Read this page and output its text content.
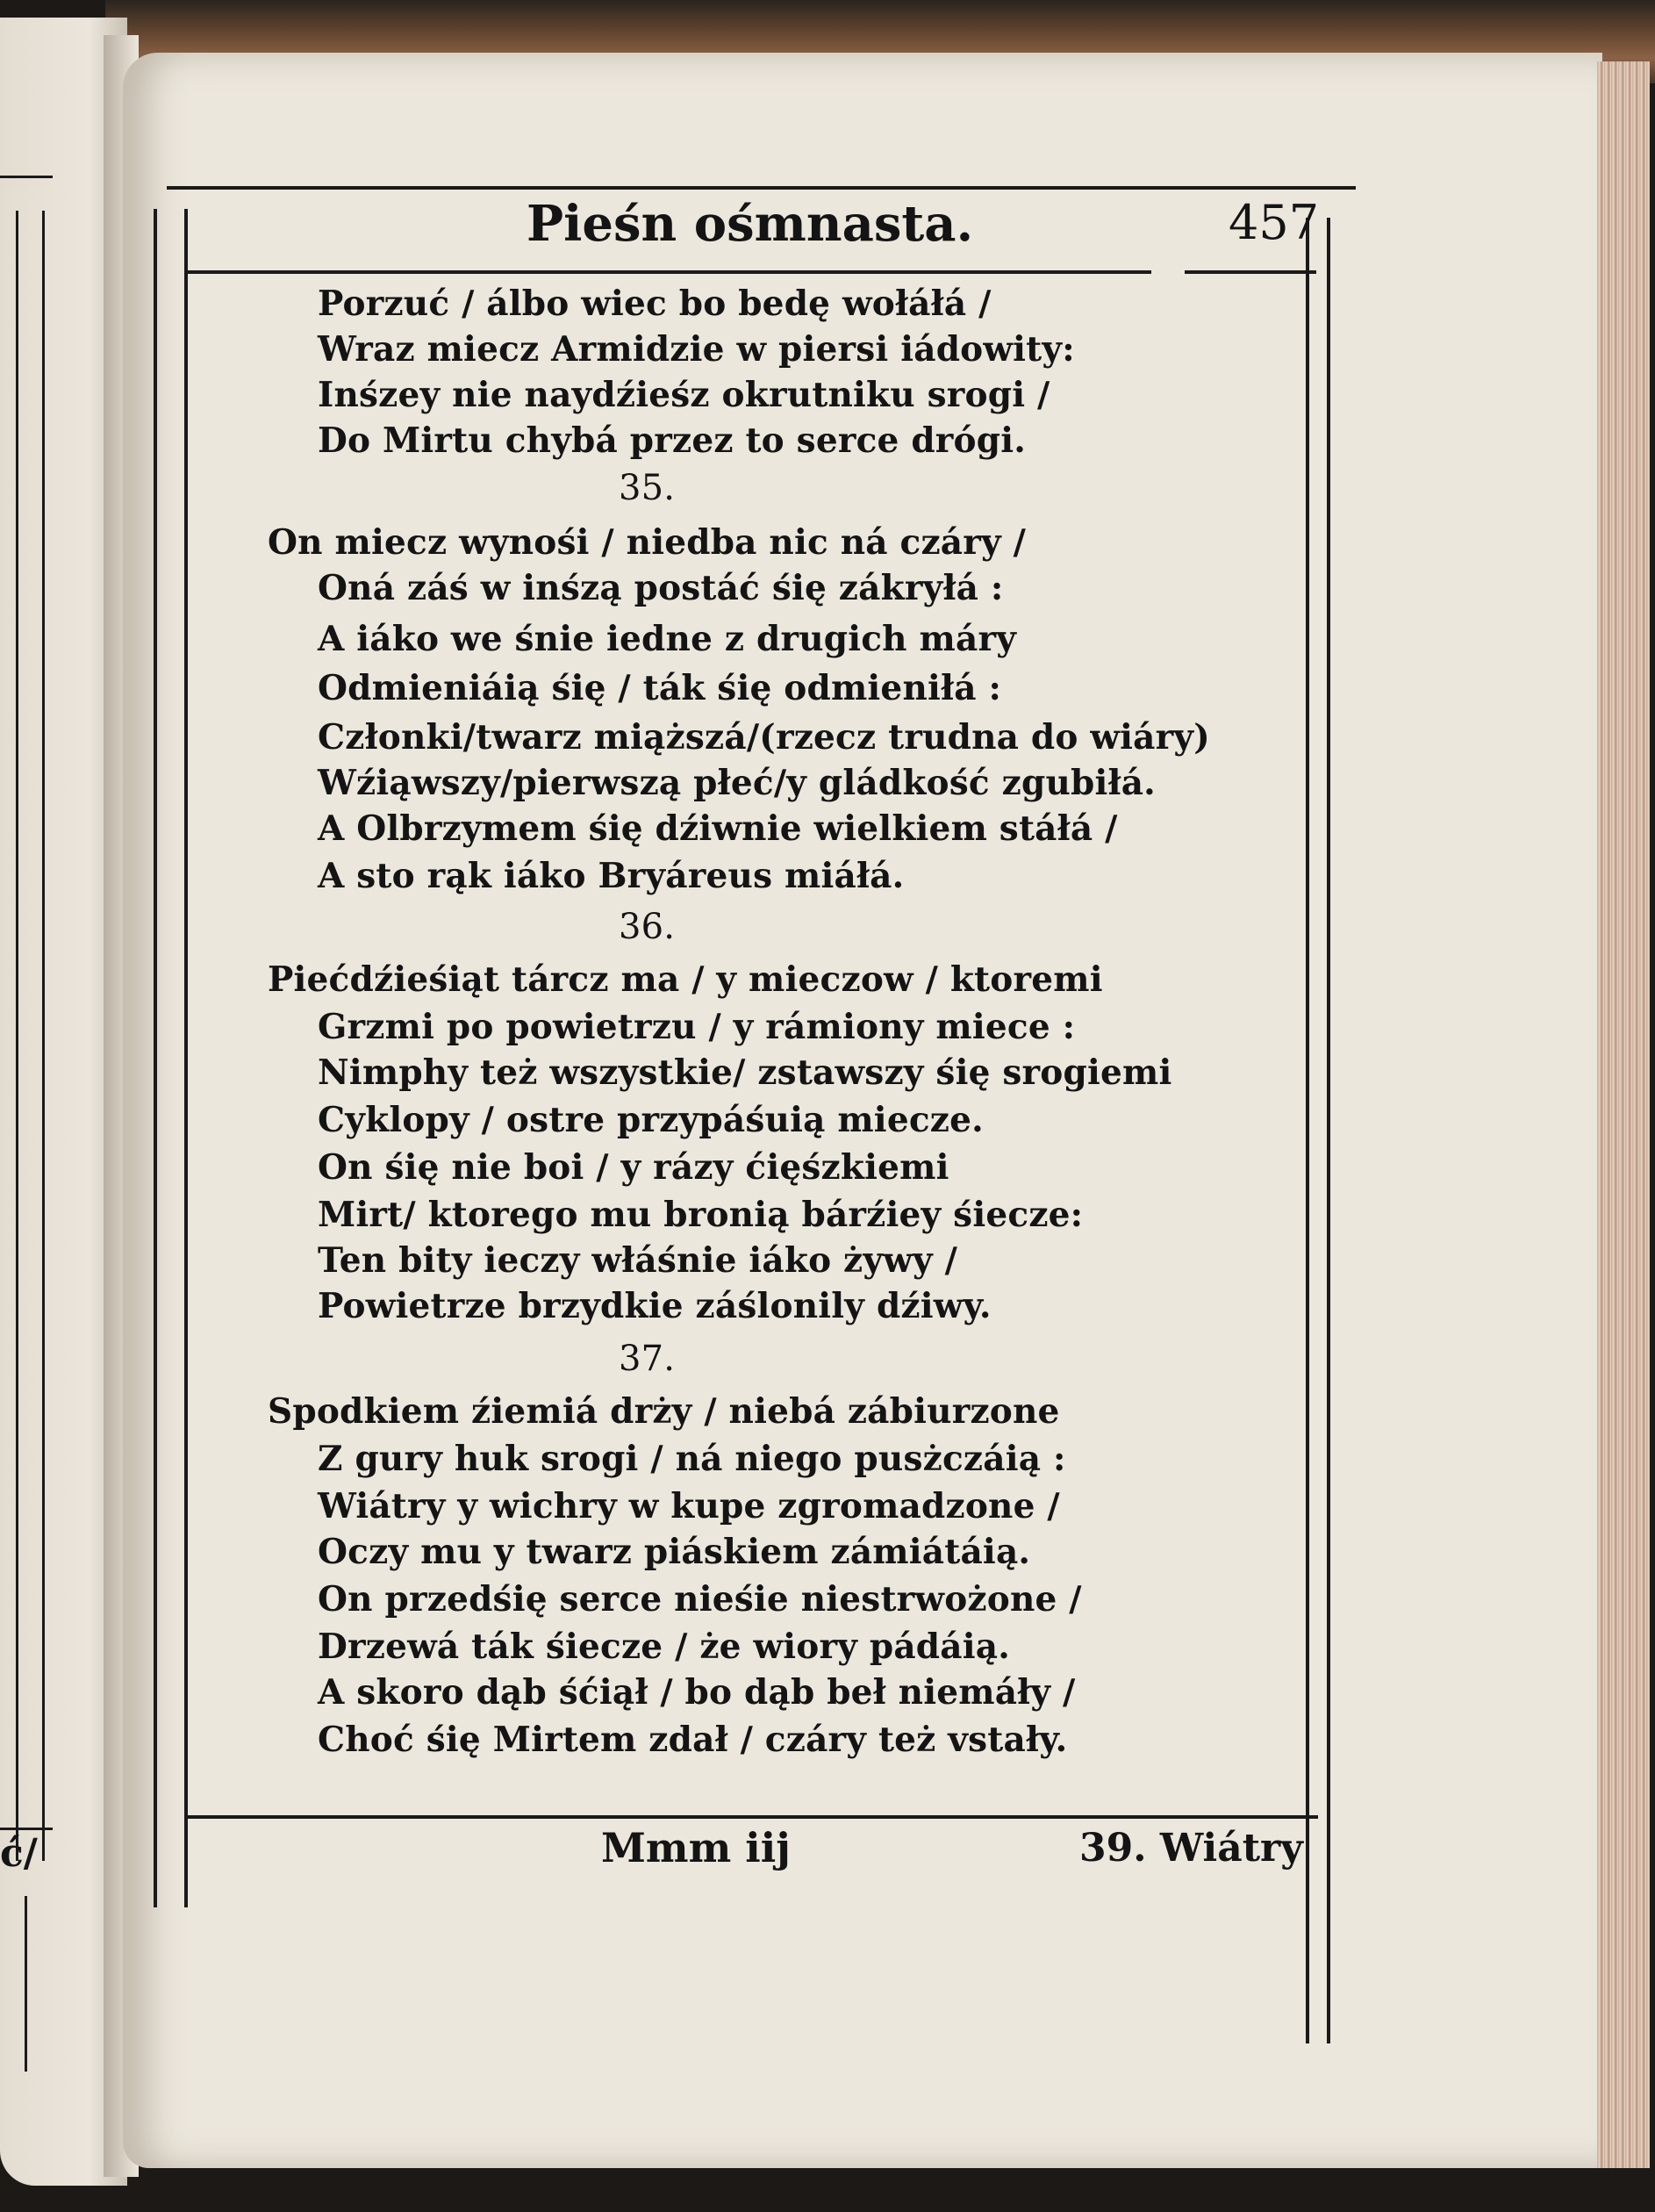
ć/
Pieśn ośmnasta.	457
Porzuć / álbo wiec bo bedę wołáłá /
Wraz miecz Armidzie w piersi iádowity:
Inśzey nie naydźieśz okrutniku srogi /
Do Mirtu chybá przez to serce drógi.
35.
On miecz wynośi / niedba nic ná czáry /
Oná záś w inśzą postáć śię zákryłá :
A iáko we śnie iedne z drugich máry
Odmieniáią śię / ták śię odmieniłá :
Członki/twarz miąższá/(rzecz trudna do wiáry)
Wźiąwszy/pierwszą płeć/y gládkość zgubiłá.
A Olbrzymem śię dźiwnie wielkiem stáłá /
A sto rąk iáko Bryáreus miáłá.
36.
Piećdźieśiąt tárcz ma / y mieczow / ktoremi
Grzmi po powietrzu / y rámiony miece :
Nimphy też wszystkie/ zstawszy śię srogiemi
Cyklopy / ostre przypáśuią miecze.
On śię nie boi / y rázy ćięśzkiemi
Mirt/ ktorego mu bronią bárźiey śiecze:
Ten bity ieczy włáśnie iáko żywy /
Powietrze brzydkie záślonily dźiwy.
37.
Spodkiem źiemiá drży / niebá zábiurzone
Z gury huk srogi / ná niego pusżczáią :
Wiátry y wichry w kupe zgromadzone /
Oczy mu y twarz piáskiem zámiátáią.
On przedśię serce nieśie niestrwożone /
Drzewá ták śiecze / że wiory pádáią.
A skoro dąb śćiął / bo dąb beł niemáły /
Choć śię Mirtem zdał / czáry też vstały.
Mmm iij	39. Wiátry
